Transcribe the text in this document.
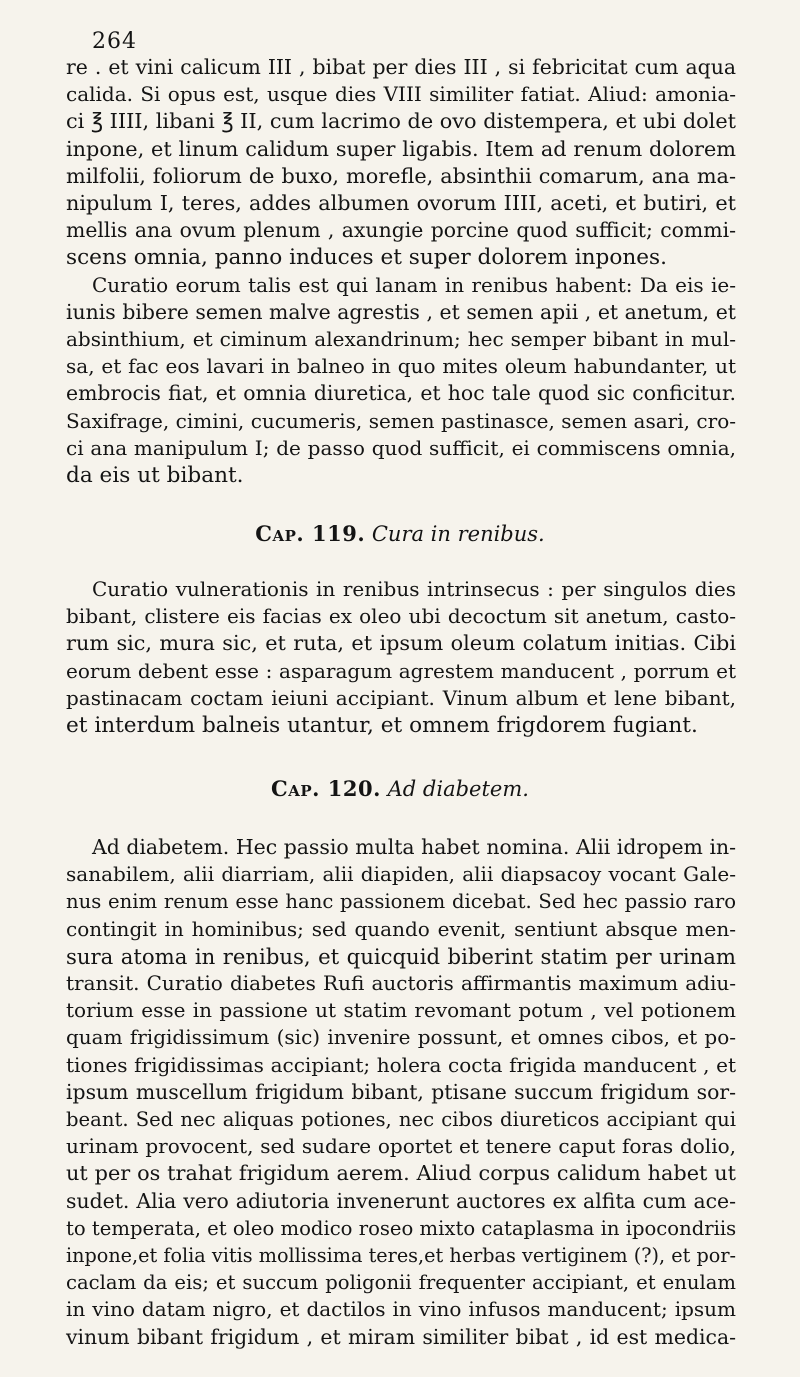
264

re . et vini calicum III , bibat per dies III , si febricitat cum aqua

calida. Si opus est, usque dies VIII similiter fatiat. Aliud: amonia-

ci ℥ IIII, libani ℥ II, cum lacrimo de ovo distempera, et ubi dolet

inpone, et linum calidum super ligabis. Item ad renum dolorem

milfolii, foliorum de buxo, morefle, absinthii comarum, ana ma-

nipulum I, teres, addes albumen ovorum IIII, aceti, et butiri, et

mellis ana ovum plenum , axungie porcine quod sufficit; commi-

scens omnia, panno induces et super dolorem inpones.

Curatio eorum talis est qui lanam in renibus habent: Da eis ie-

iunis bibere semen malve agrestis , et semen apii , et anetum, et

absinthium, et ciminum alexandrinum; hec semper bibant in mul-

sa, et fac eos lavari in balneo in quo mites oleum habundanter, ut

embrocis fiat, et omnia diuretica, et hoc tale quod sic conficitur.

Saxifrage, cimini, cucumeris, semen pastinasce, semen asari, cro-

ci ana manipulum I; de passo quod sufficit, ei commiscens omnia,

da eis ut bibant.

Cap. 119. Cura in renibus.

Curatio vulnerationis in renibus intrinsecus : per singulos dies

bibant, clistere eis facias ex oleo ubi decoctum sit anetum, casto-

rum sic, mura sic, et ruta, et ipsum oleum colatum initias. Cibi

eorum debent esse : asparagum agrestem manducent , porrum et

pastinacam coctam ieiuni accipiant. Vinum album et lene bibant,

et interdum balneis utantur, et omnem frigdorem fugiant.

Cap. 120. Ad diabetem.

Ad diabetem. Hec passio multa habet nomina. Alii idropem in-

sanabilem, alii diarriam, alii diapiden, alii diapsacoy vocant Gale-

nus enim renum esse hanc passionem dicebat. Sed hec passio raro

contingit in hominibus; sed quando evenit, sentiunt absque men-

sura atoma in renibus, et quicquid biberint statim per urinam

transit. Curatio diabetes Rufi auctoris affirmantis maximum adiu-

torium esse in passione ut statim revomant potum , vel potionem

quam frigidissimum (sic) invenire possunt, et omnes cibos, et po-

tiones frigidissimas accipiant; holera cocta frigida manducent , et

ipsum muscellum frigidum bibant, ptisane succum frigidum sor-

beant. Sed nec aliquas potiones, nec cibos diureticos accipiant qui

urinam provocent, sed sudare oportet et tenere caput foras dolio,

ut per os trahat frigidum aerem. Aliud corpus calidum habet ut

sudet. Alia vero adiutoria invenerunt auctores ex alfita cum ace-

to temperata, et oleo modico roseo mixto cataplasma in ipocondriis

inpone,et folia vitis mollissima teres,et herbas vertiginem (?), et por-

caclam da eis; et succum poligonii frequenter accipiant, et enulam

in vino datam nigro, et dactilos in vino infusos manducent; ipsum

vinum bibant frigidum , et miram similiter bibat , id est medica-
